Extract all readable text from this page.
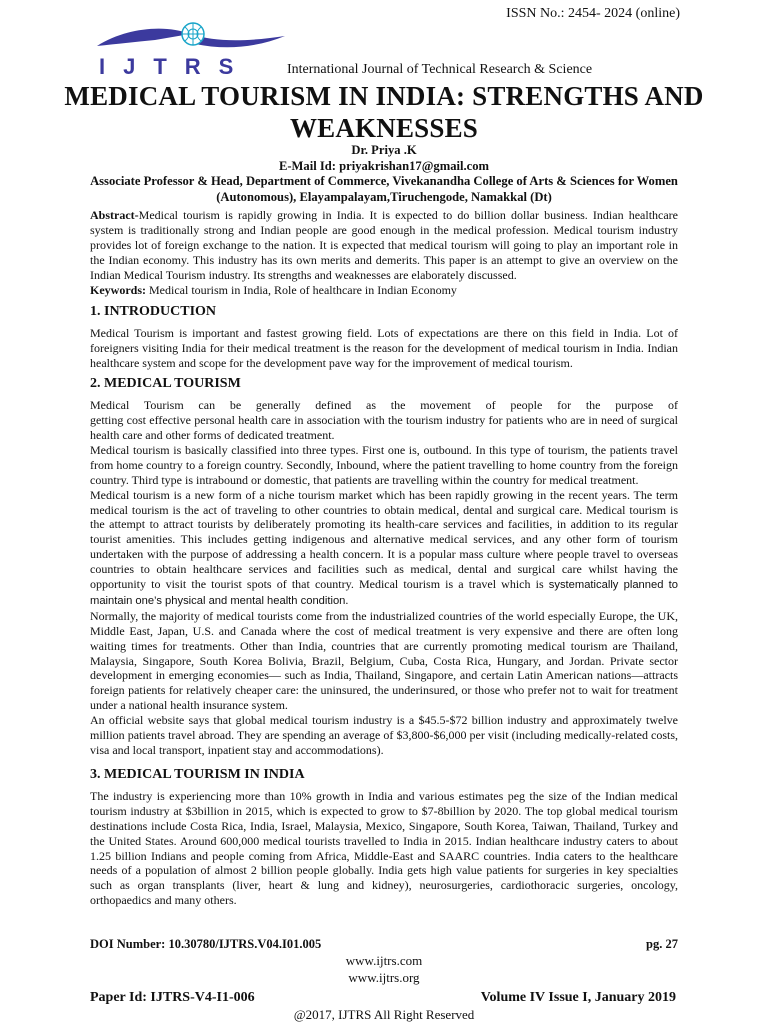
ISSN No.: 2454- 2024 (online)
IJTRS	International Journal of Technical Research & Science
MEDICAL TOURISM IN INDIA: STRENGTHS AND WEAKNESSES
Dr. Priya .K
E-Mail Id: priyakrishan17@gmail.com
Associate Professor & Head, Department of Commerce, Vivekanandha College of Arts & Sciences for Women (Autonomous), Elayampalayam,Tiruchengode, Namakkal (Dt)

Abstract-Medical tourism is rapidly growing in India. It is expected to do billion dollar business. Indian healthcare system is traditionally strong and Indian people are good enough in the medical profession. Medical tourism industry provides lot of foreign exchange to the nation. It is expected that medical tourism will going to play an important role in the Indian economy. This industry has its own merits and demerits. This paper is an attempt to give an overview on the Indian Medical Tourism industry. Its strengths and weaknesses are elaborately discussed.

Keywords: Medical tourism in India, Role of healthcare in Indian Economy

1. INTRODUCTION

Medical Tourism is important and fastest growing field. Lots of expectations are there on this field in India. Lot of foreigners visiting India for their medical treatment is the reason for the development of medical tourism in India. Indian healthcare system and scope for the development pave way for the improvement of medical tourism.

2. MEDICAL TOURISM

Medical Tourism can be generally defined as the movement of people for the purpose of

getting cost effective personal health care in association with the tourism industry for patients who are in need of surgical health care and other forms of dedicated treatment.

Medical tourism is basically classified into three types. First one is, outbound. In this type of tourism, the patients travel from home country to a foreign country. Secondly, Inbound, where the patient travelling to home country from the foreign country. Third type is intrabound or domestic, that patients are travelling within the country for medical treatment.

Medical tourism is a new form of a niche tourism market which has been rapidly growing in the recent years. The term medical tourism is the act of traveling to other countries to obtain medical, dental and surgical care. Medical tourism is the attempt to attract tourists by deliberately promoting its health-care services and facilities, in addition to its regular tourist amenities. This includes getting indigenous and alternative medical services, and any other form of tourism undertaken with the purpose of addressing a health concern. It is a popular mass culture where people travel to overseas countries to obtain healthcare services and facilities such as medical, dental and surgical care whilst having the opportunity to visit the tourist spots of that country. Medical tourism is a travel which is systematically planned to maintain one’s physical and mental health condition.

Normally, the majority of medical tourists come from the industrialized countries of the world especially Europe, the UK, Middle East, Japan, U.S. and Canada where the cost of medical treatment is very expensive and there are often long waiting times for treatments. Other than India, countries that are currently promoting medical tourism are Thailand, Malaysia, Singapore, South Korea Bolivia, Brazil, Belgium, Cuba, Costa Rica, Hungary, and Jordan. Private sector development in emerging economies— such as India, Thailand, Singapore, and certain Latin American nations—attracts foreign patients for relatively cheaper care: the uninsured, the underinsured, or those who prefer not to wait for treatment under a national health insurance system.

An official website says that global medical tourism industry is a $45.5-$72 billion industry and approximately twelve million patients travel abroad. They are spending an average of $3,800-$6,000 per visit (including medically-related costs, visa and local transport, inpatient stay and accommodations).

3. MEDICAL TOURISM IN INDIA

The industry is experiencing more than 10% growth in India and various estimates peg the size of the Indian medical tourism industry at $3billion in 2015, which is expected to grow to $7-8billion by 2020. The top global medical tourism destinations include Costa Rica, India, Israel, Malaysia, Mexico, Singapore, South Korea, Taiwan, Thailand, Turkey and the United States. Around 600,000 medical tourists travelled to India in 2015. Indian healthcare industry caters to about 1.25 billion Indians and people coming from Africa, Middle-East and SAARC countries. India caters to the healthcare needs of a population of almost 2 billion people globally. India gets high value patients for surgeries in key specialties such as organ transplants (liver, heart & lung and kidney), neurosurgeries, cardiothoracic surgeries, oncology, orthopaedics and many others.

DOI Number: 10.30780/IJTRS.V04.I01.005	pg. 27
www.ijtrs.com
www.ijtrs.org
Paper Id: IJTRS-V4-I1-006	Volume IV Issue I, January 2019
@2017, IJTRS All Right Reserved
